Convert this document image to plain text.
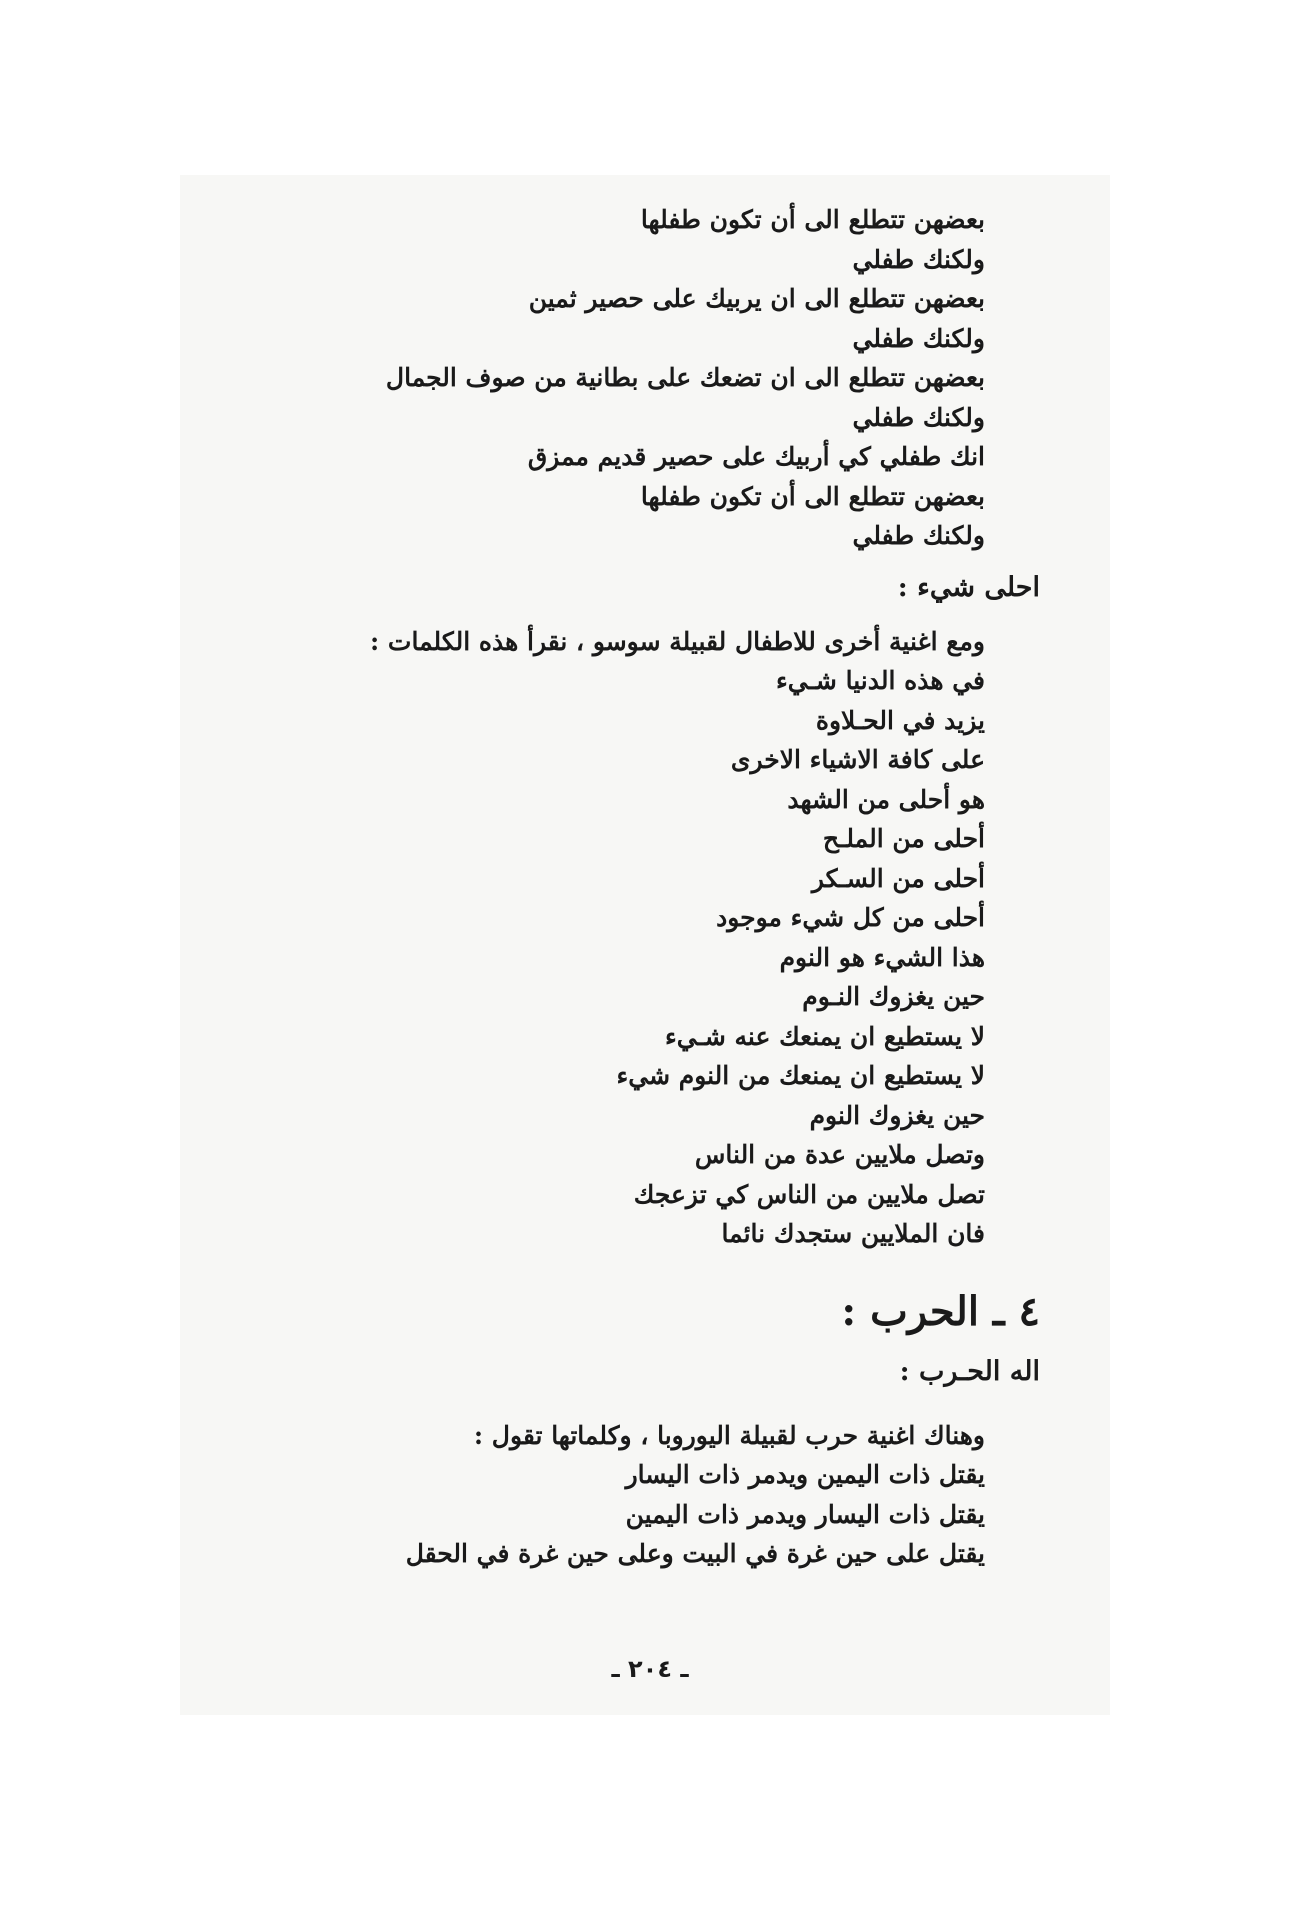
بعضهن تتطلع الى أن تكون طفلها
ولكنك طفلي
بعضهن تتطلع الى ان يربيك على حصير ثمين
ولكنك طفلي
بعضهن تتطلع الى ان تضعك على بطانية من صوف الجمال
ولكنك طفلي
انك طفلي كي أربيك على حصير قديم ممزق
بعضهن تتطلع الى أن تكون طفلها
ولكنك طفلي
احلى شيء :
ومع اغنية أخرى للاطفال لقبيلة سوسو ، نقرأ هذه الكلمات :
في هذه الدنيا شـيء
يزيد في الحـلاوة
على كافة الاشياء الاخرى
هو أحلى من الشهد
أحلى من الملـح
أحلى من السـكر
أحلى من كل شيء موجود
هذا الشيء هو النوم
حين يغزوك النـوم
لا يستطيع ان يمنعك عنه شـيء
لا يستطيع ان يمنعك من النوم شيء
حين يغزوك النوم
وتصل ملايين عدة من الناس
تصل ملايين من الناس كي تزعجك
فان الملايين ستجدك نائما
٤ ـ الحرب :
اله الحـرب :
وهناك اغنية حرب لقبيلة اليوروبا ، وكلماتها تقول :
يقتل ذات اليمين ويدمر ذات اليسار
يقتل ذات اليسار ويدمر ذات اليمين
يقتل على حين غرة في البيت وعلى حين غرة في الحقل
ـ ٢٠٤ ـ
